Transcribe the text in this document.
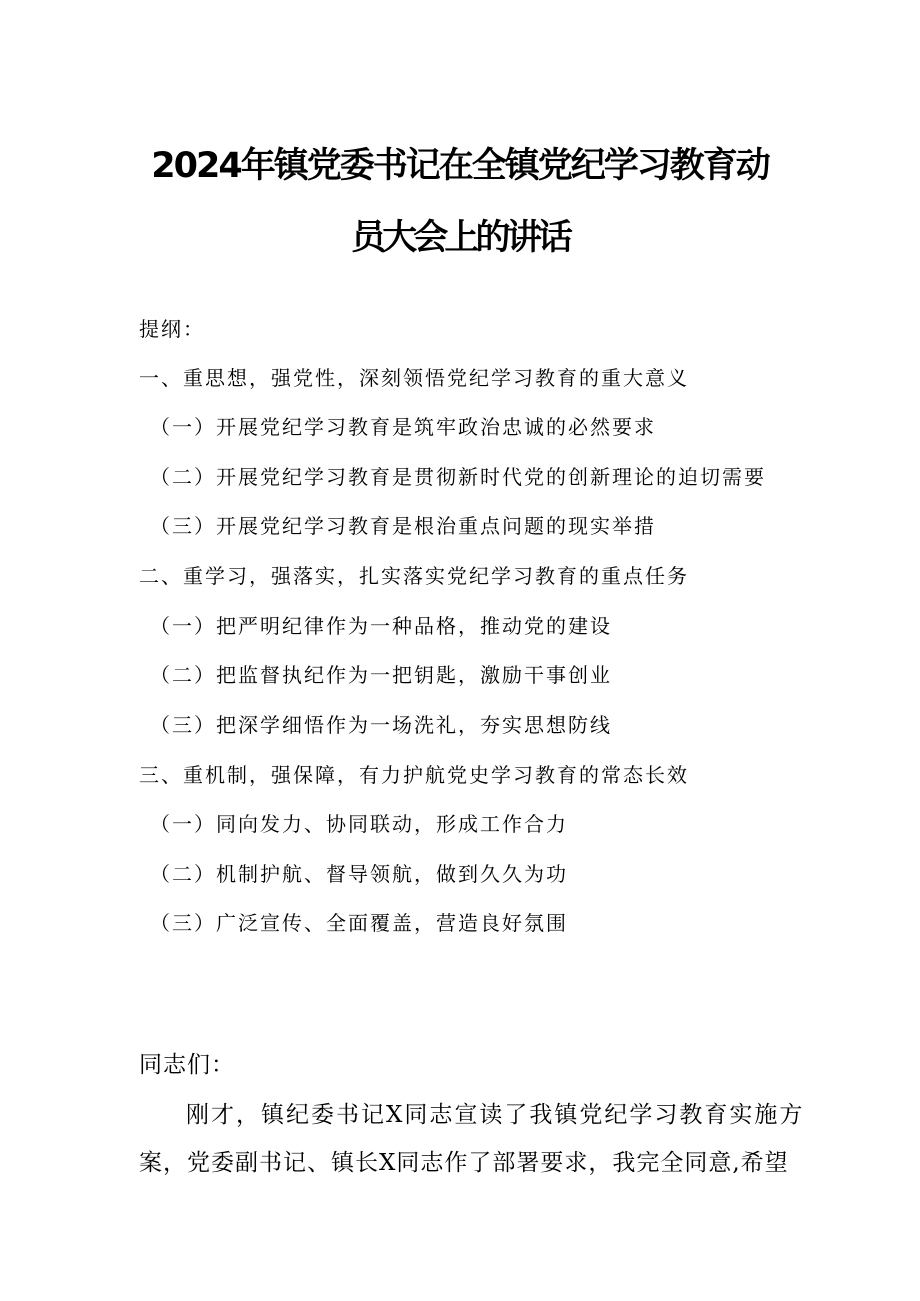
2024年镇党委书记在全镇党纪学习教育动
员大会上的讲话
提纲：
一、重思想，强党性，深刻领悟党纪学习教育的重大意义
（一）开展党纪学习教育是筑牢政治忠诚的必然要求
（二）开展党纪学习教育是贯彻新时代党的创新理论的迫切需要
（三）开展党纪学习教育是根治重点问题的现实举措
二、重学习，强落实，扎实落实党纪学习教育的重点任务
（一）把严明纪律作为一种品格，推动党的建设
（二）把监督执纪作为一把钥匙，激励干事创业
（三）把深学细悟作为一场洗礼，夯实思想防线
三、重机制，强保障，有力护航党史学习教育的常态长效
（一）同向发力、协同联动，形成工作合力
（二）机制护航、督导领航，做到久久为功
（三）广泛宣传、全面覆盖，营造良好氛围
同志们：
刚才，镇纪委书记X同志宣读了我镇党纪学习教育实施方
案，党委副书记、镇长X同志作了部署要求，我完全同意,希望
